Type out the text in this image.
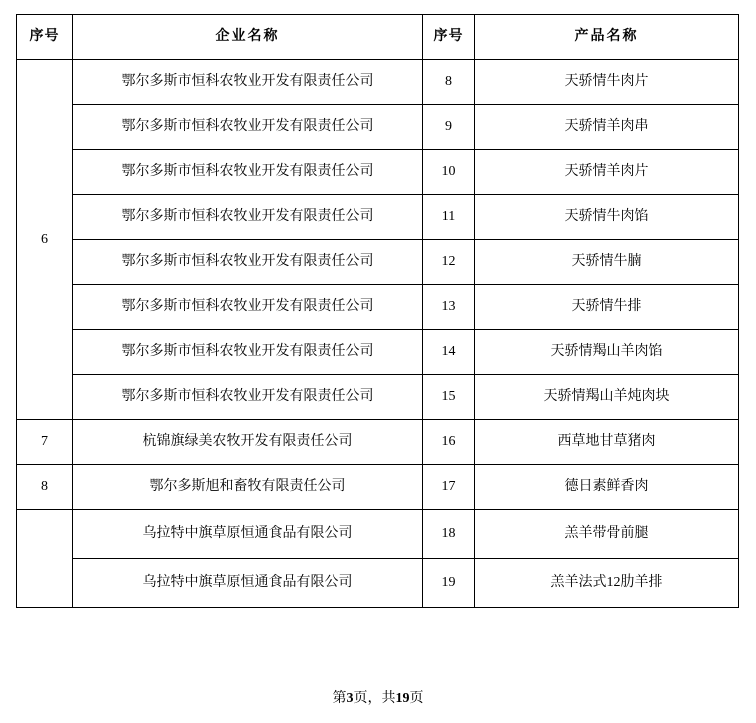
序号	企业名称	序号	产品名称
6	鄂尔多斯市恒科农牧业开发有限责任公司	8	天骄情牛肉片
	鄂尔多斯市恒科农牧业开发有限责任公司	9	天骄情羊肉串
	鄂尔多斯市恒科农牧业开发有限责任公司	10	天骄情羊肉片
	鄂尔多斯市恒科农牧业开发有限责任公司	11	天骄情牛肉馅
	鄂尔多斯市恒科农牧业开发有限责任公司	12	天骄情牛腩
	鄂尔多斯市恒科农牧业开发有限责任公司	13	天骄情牛排
	鄂尔多斯市恒科农牧业开发有限责任公司	14	天骄情羯山羊肉馅
	鄂尔多斯市恒科农牧业开发有限责任公司	15	天骄情羯山羊炖肉块
7	杭锦旗绿美农牧开发有限责任公司	16	西草地甘草猪肉
8	鄂尔多斯旭和畜牧有限责任公司	17	德日素鲜香肉
	乌拉特中旗草原恒通食品有限公司	18	羔羊带骨前腿
	乌拉特中旗草原恒通食品有限公司	19	羔羊法式12肋羊排
第3页，共19页
